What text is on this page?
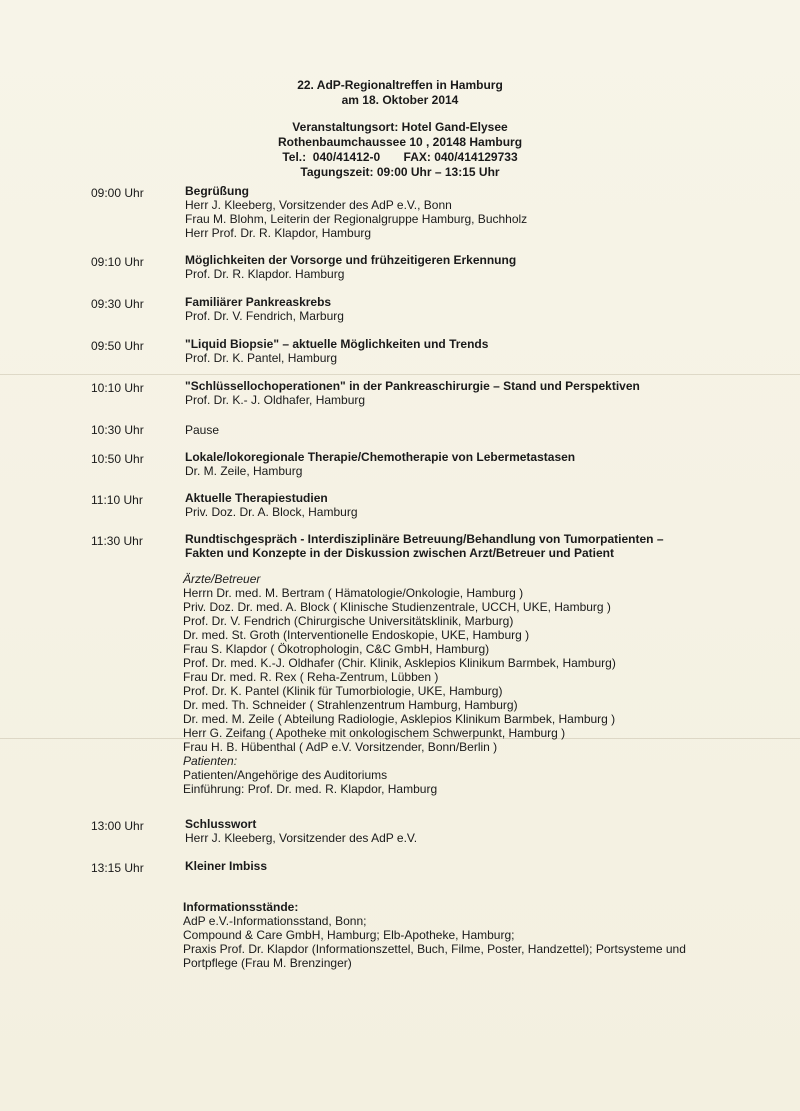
22. AdP-Regionaltreffen in Hamburg
am 18. Oktober 2014
Veranstaltungsort: Hotel Gand-Elysee
Rothenbaumchaussee 10 , 20148 Hamburg
Tel.:  040/41412-0       FAX: 040/414129733
Tagungszeit: 09:00 Uhr – 13:15 Uhr
09:00 Uhr	Begrüßung
Herr J. Kleeberg, Vorsitzender des AdP e.V., Bonn
Frau M. Blohm, Leiterin der Regionalgruppe Hamburg, Buchholz
Herr Prof. Dr. R. Klapdor, Hamburg
09:10 Uhr	Möglichkeiten der Vorsorge und frühzeitigeren Erkennung
Prof. Dr. R. Klapdor. Hamburg
09:30 Uhr	Familiärer Pankreaskrebs
Prof. Dr. V. Fendrich, Marburg
09:50 Uhr	"Liquid Biopsie" – aktuelle Möglichkeiten und Trends
Prof. Dr. K. Pantel, Hamburg
10:10 Uhr	"Schlüssellochoperationen" in der Pankreaschirurgie – Stand und Perspektiven
Prof. Dr. K.- J. Oldhafer, Hamburg
10:30 Uhr	Pause
10:50 Uhr	Lokale/lokoregionale Therapie/Chemotherapie von Lebermetastasen
Dr. M. Zeile, Hamburg
11:10 Uhr	Aktuelle Therapiestudien
Priv. Doz. Dr. A. Block, Hamburg
11:30 Uhr	Rundtischgespräch - Interdisziplinäre Betreuung/Behandlung von Tumorpatienten – Fakten und Konzepte in der Diskussion zwischen Arzt/Betreuer und Patient
Ärzte/Betreuer
Herrn Dr. med. M. Bertram ( Hämatologie/Onkologie, Hamburg )
Priv. Doz. Dr. med. A. Block ( Klinische Studienzentrale, UCCH, UKE, Hamburg )
Prof. Dr. V. Fendrich (Chirurgische Universitätsklinik, Marburg)
Dr. med. St. Groth (Interventionelle Endoskopie, UKE, Hamburg )
Frau S. Klapdor ( Ökotrophologin, C&C GmbH, Hamburg)
Prof. Dr. med. K.-J. Oldhafer (Chir. Klinik, Asklepios Klinikum Barmbek, Hamburg)
Frau Dr. med. R. Rex ( Reha-Zentrum, Lübben )
Prof. Dr. K. Pantel (Klinik für Tumorbiologie, UKE, Hamburg)
Dr. med. Th. Schneider ( Strahlenzentrum Hamburg, Hamburg)
Dr. med. M. Zeile ( Abteilung Radiologie, Asklepios Klinikum Barmbek, Hamburg )
Herr G. Zeifang ( Apotheke mit onkologischem Schwerpunkt, Hamburg )
Frau H. B. Hübenthal ( AdP e.V. Vorsitzender, Bonn/Berlin )
Patienten:
Patienten/Angehörige des Auditoriums
Einführung: Prof. Dr. med. R. Klapdor, Hamburg
13:00 Uhr	Schlusswort
Herr J. Kleeberg, Vorsitzender des AdP e.V.
13:15 Uhr	Kleiner Imbiss
Informationsstände:
AdP e.V.-Informationsstand, Bonn;
Compound & Care GmbH, Hamburg; Elb-Apotheke, Hamburg;
Praxis Prof. Dr. Klapdor (Informationszettel, Buch, Filme, Poster, Handzettel); Portsysteme und Portpflege (Frau M. Brenzinger)
